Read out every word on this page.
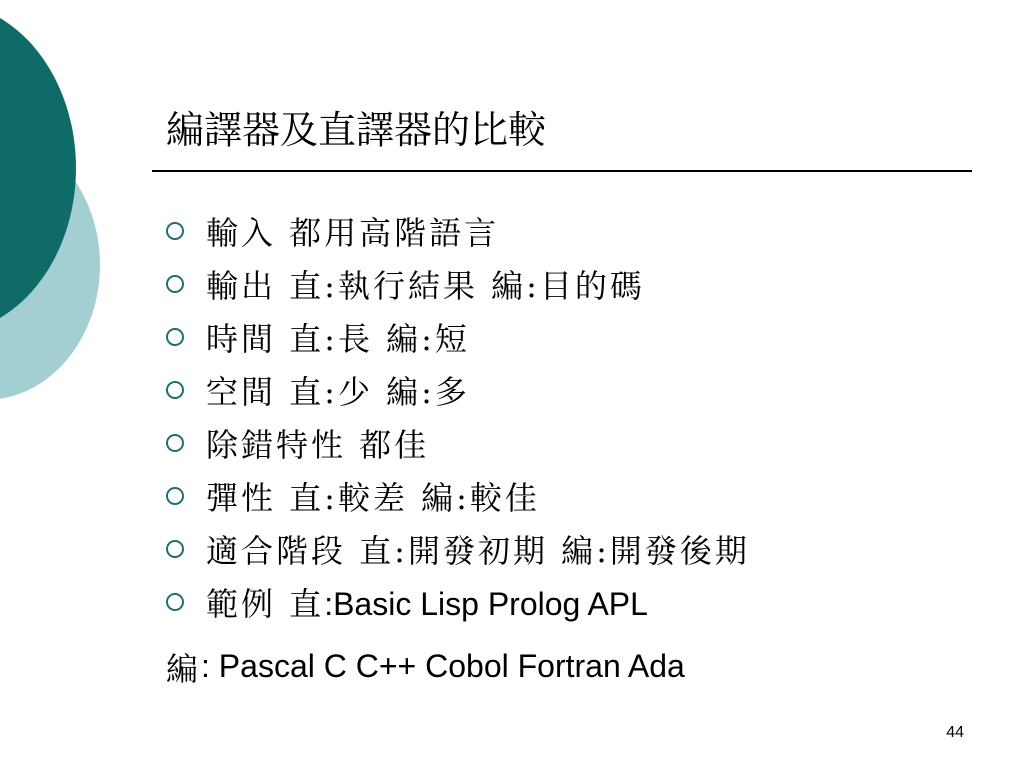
編譯器及直譯器的比較
輸入 都用高階語言
輸出 直:執行結果 編:目的碼
時間 直:長 編:短
空間 直:少 編:多
除錯特性 都佳
彈性 直:較差 編:較佳
適合階段 直:開發初期 編:開發後期
範例 直:Basic Lisp Prolog APL
編 : Pascal C C++ Cobol Fortran Ada
44
